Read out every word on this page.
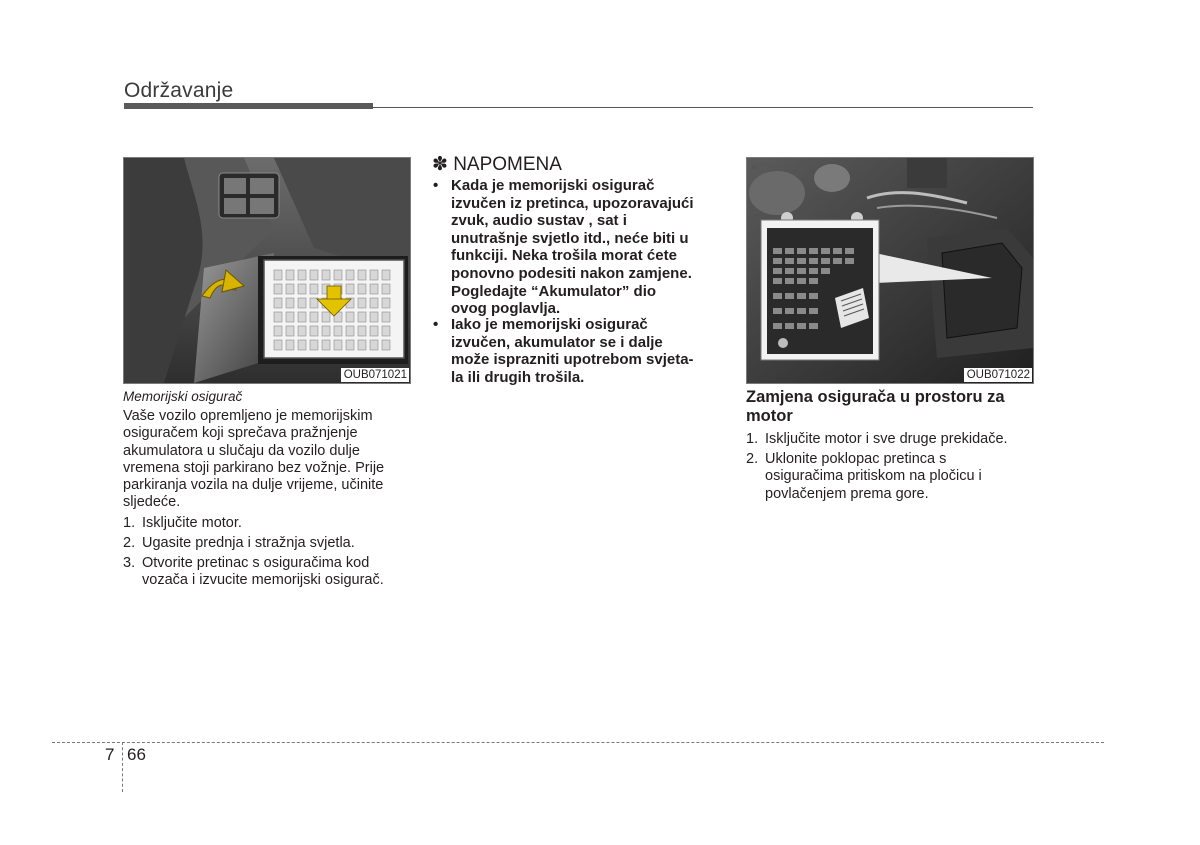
Održavanje
OUB071021
Memorijski osigurač
Vaše vozilo opremljeno je memorijskim
osiguračem koji sprečava pražnjenje
akumulatora u slučaju da vozilo dulje
vremena stoji parkirano bez vožnje. Prije
parkiranja vozila na dulje vrijeme, učinite
sljedeće.
1. Isključite motor.
2. Ugasite prednja i stražnja svjetla.
3. Otvorite pretinac s osiguračima kod
vozača i izvucite memorijski osigurač.
✽ NAPOMENA
• Kada je memorijski osigurač
izvučen iz pretinca, upozoravajući
zvuk, audio sustav , sat i
unutrašnje svjetlo itd., neće biti u
funkciji. Neka trošila morat ćete
ponovno podesiti nakon zamjene.
Pogledajte “Akumulator” dio
ovog poglavlja.
• Iako je memorijski osigurač
izvučen, akumulator se i dalje
može isprazniti upotrebom svjeta-
la ili drugih trošila.
■ Type B
OUB071022
Zamjena osigurača u prostoru za
motor
1. Isključite motor i sve druge prekidače.
2. Uklonite poklopac pretinca s
osiguračima pritiskom na pločicu i
povlačenjem prema gore.
7 66
